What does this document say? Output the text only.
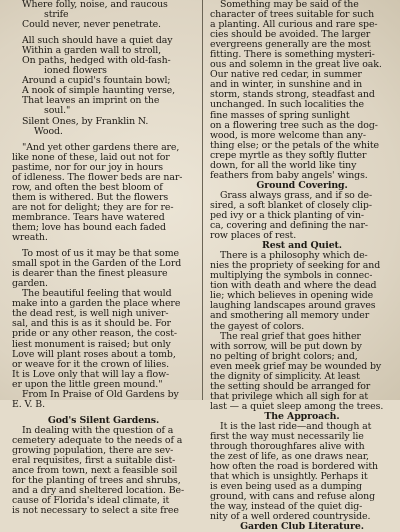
Where folly, noise, and raucous
strife
Could never, never penetrate.
All such should have a quiet day
Within a garden wall to stroll,
On paths, hedged with old-fash-
ioned flowers
Around a cupid's fountain bowl;
A nook of simple haunting verse,
That leaves an imprint on the
soul."
Silent Ones, by Franklin N.
Wood.
"And yet other gardens there are,
like none of these, laid out not for
pastime, nor for our joy in hours
of idleness. The flower beds are nar-
row, and often the best bloom of
them is withered. But the flowers
are not for delight; they are for re-
membrance. Tears have watered
them; love has bound each faded
wreath.
To most of us it may be that some
small spot in the Garden of the Lord
is dearer than the finest pleasure
garden.
The beautiful feeling that would
make into a garden the place where
the dead rest, is well nigh univer-
sal, and this is as it should be. For
pride or any other reason, the cost-
liest monument is raised; but only
Love will plant roses about a tomb,
or weave for it the crown of lilies.
It is Love only that will lay a flow-
er upon the little green mound."
From In Praise of Old Gardens by
E. V. B.
God's Silent Gardens.
In dealing with the question of a
cemetery adequate to the needs of a
growing population, there are sev-
eral requisites, first a suitable dist-
ance from town, next a feasible soil
for the planting of trees and shrubs,
and a dry and sheltered location. Be-
cause of Florida's ideal climate, it
is not necessary to select a site free
Something may be said of the
character of trees suitable for such
a planting. All curious and rare spe-
cies should be avoided. The larger
evergreens generally are the most
fitting. There is something mysteri-
ous and solemn in the great live oak.
Our native red cedar, in summer
and in winter, in sunshine and in
storm, stands strong, steadfast and
unchanged. In such localities the
fine masses of spring sunlight
on a flowering tree such as the dog-
wood, is more welcome than any-
thing else; or the petals of the white
crepe myrtle as they softly flutter
down, for all the world like tiny
feathers from baby angels' wings.
Ground Covering.
Grass always grass, and if so de-
sired, a soft blanket of closely clip-
ped ivy or a thick planting of vin-
ca, covering and defining the nar-
row places of rest.
Rest and Quiet.
There is a philosophy which de-
nies the propriety of seeking for and
multiplying the symbols in connec-
tion with death and where the dead
lie; which believes in opening wide
laughing landscapes around graves
and smothering all memory under
the gayest of colors.
The real grief that goes hither
with sorrow, will be put down by
no pelting of bright colors; and,
even meek grief may be wounded by
the dignity of simplicity. At least
the setting should be arranged for
that privilege which all sigh for at
last — a quiet sleep among the trees.
The Approach.
It is the last ride—and though at
first the way must necessarily lie
through thoroughfares alive with
the zest of life, as one draws near,
how often the road is bordered with
that which is unsightly. Perhaps it
is even being used as a dumping
ground, with cans and refuse along
the way, instead of the quiet dig-
nity of a well ordered countryside.
Garden Club Literature.
